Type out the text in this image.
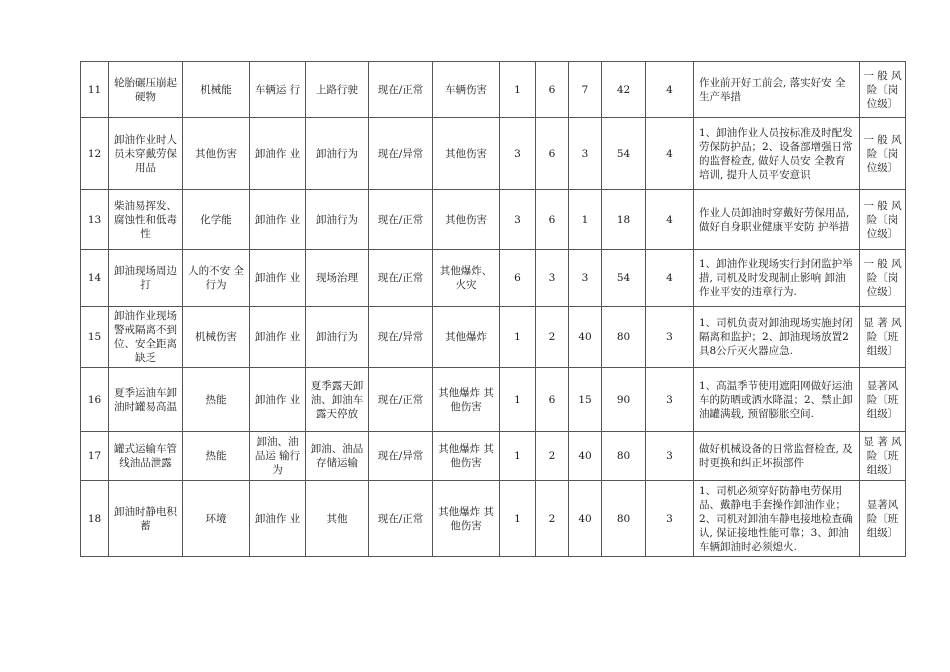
11	轮胎碾压崩起硬物	机械能	车辆运 行	上路行驶	现在/正常	车辆伤害	1	6	7	42	4	作业前开好工前会, 落实好安 全生产举措	一 般 风 险〔岗位级〕
12	卸油作业时人员未穿戴劳保用品	其他伤害	卸油作 业	卸油行为	现在/异常	其他伤害	3	6	3	54	4	1、卸油作业人员按标准及时配发劳保防护品；2、设备部增强日常的监督检查, 做好人员安 全教育培训, 提升人员平安意识	一 般 风 险〔岗位级〕
13	柴油易挥发、腐蚀性和低毒性	化学能	卸油作 业	卸油行为	现在/正常	其他伤害	3	6	1	18	4	作业人员卸油时穿戴好劳保用品, 做好自身职业健康平安防 护举措	一 般 风 险〔岗位级〕
14	卸油现场周边打	人的不安 全行为	卸油作 业	现场治理	现在/正常	其他爆炸、 火灾	6	3	3	54	4	1、卸油作业现场实行封闭监护举措, 司机及时发现制止影响 卸油作业平安的违章行为.	一 般 风 险〔岗位级〕
15	卸油作业现场警戒隔离不到位、安全距离缺乏	机械伤害	卸油作 业	卸油行为	现在/异常	其他爆炸	1	2	40	80	3	1、司机负责对卸油现场实施封闭隔离和监护；2、卸油现场放置2具8公斤灭火器应急.	显 著 风 险〔班组级〕
16	夏季运油车卸油时罐易高温	热能	卸油作 业	夏季露天卸油、卸油车露天停放	现在/正常	其他爆炸 其他伤害	1	6	15	90	3	1、高温季节使用遮阳网做好运油车的防晒或洒水降温；2、禁止卸油罐满载, 预留膨胀空间.	显著风 险〔班组级〕
17	罐式运输车管线油品泄露	热能	卸油、油品运 输行为	卸油、油品存储运输	现在/异常	其他爆炸 其他伤害	1	2	40	80	3	做好机械设备的日常监督检查, 及时更换和纠正坏损部件	显 著 风 险〔班组级〕
18	卸油时静电积蓄	环境	卸油作 业	其他	现在/正常	其他爆炸 其他伤害	1	2	40	80	3	1、司机必须穿好防静电劳保用品、戴静电手套操作卸油作业；2、司机对卸油车静电接地检查确认, 保证接地性能可靠；3、卸油车辆卸油时必须熄火.	显著风险〔班组级〕
